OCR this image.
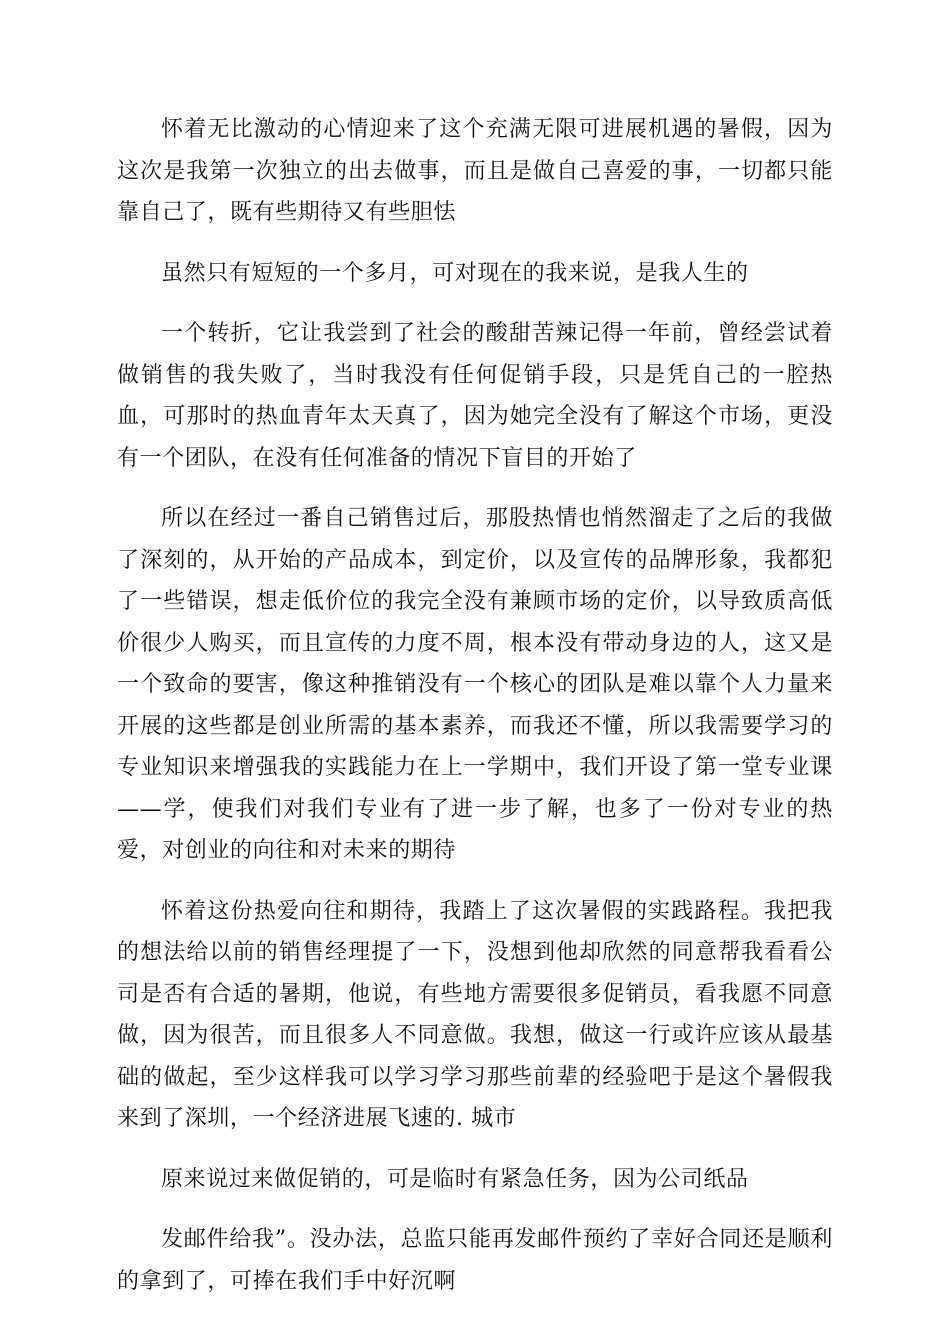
怀着无比激动的心情迎来了这个充满无限可进展机遇的暑假，因为这次是我第一次独立的出去做事，而且是做自己喜爱的事，一切都只能靠自己了，既有些期待又有些胆怯

虽然只有短短的一个多月，可对现在的我来说，是我人生的

一个转折，它让我尝到了社会的酸甜苦辣记得一年前，曾经尝试着做销售的我失败了，当时我没有任何促销手段，只是凭自己的一腔热血，可那时的热血青年太天真了，因为她完全没有了解这个市场，更没有一个团队，在没有任何准备的情况下盲目的开始了

所以在经过一番自己销售过后，那股热情也悄然溜走了之后的我做了深刻的，从开始的产品成本，到定价，以及宣传的品牌形象，我都犯了一些错误，想走低价位的我完全没有兼顾市场的定价，以导致质高低价很少人购买，而且宣传的力度不周，根本没有带动身边的人，这又是一个致命的要害，像这种推销没有一个核心的团队是难以靠个人力量来开展的这些都是创业所需的基本素养，而我还不懂，所以我需要学习的专业知识来增强我的实践能力在上一学期中，我们开设了第一堂专业课——学，使我们对我们专业有了进一步了解，也多了一份对专业的热爱，对创业的向往和对未来的期待

怀着这份热爱向往和期待，我踏上了这次暑假的实践路程。我把我的想法给以前的销售经理提了一下，没想到他却欣然的同意帮我看看公司是否有合适的暑期，他说，有些地方需要很多促销员，看我愿不同意做，因为很苦，而且很多人不同意做。我想，做这一行或许应该从最基础的做起，至少这样我可以学习学习那些前辈的经验吧于是这个暑假我来到了深圳，一个经济进展飞速的. 城市

原来说过来做促销的，可是临时有紧急任务，因为公司纸品

发邮件给我”。没办法，总监只能再发邮件预约了幸好合同还是顺利的拿到了，可捧在我们手中好沉啊
